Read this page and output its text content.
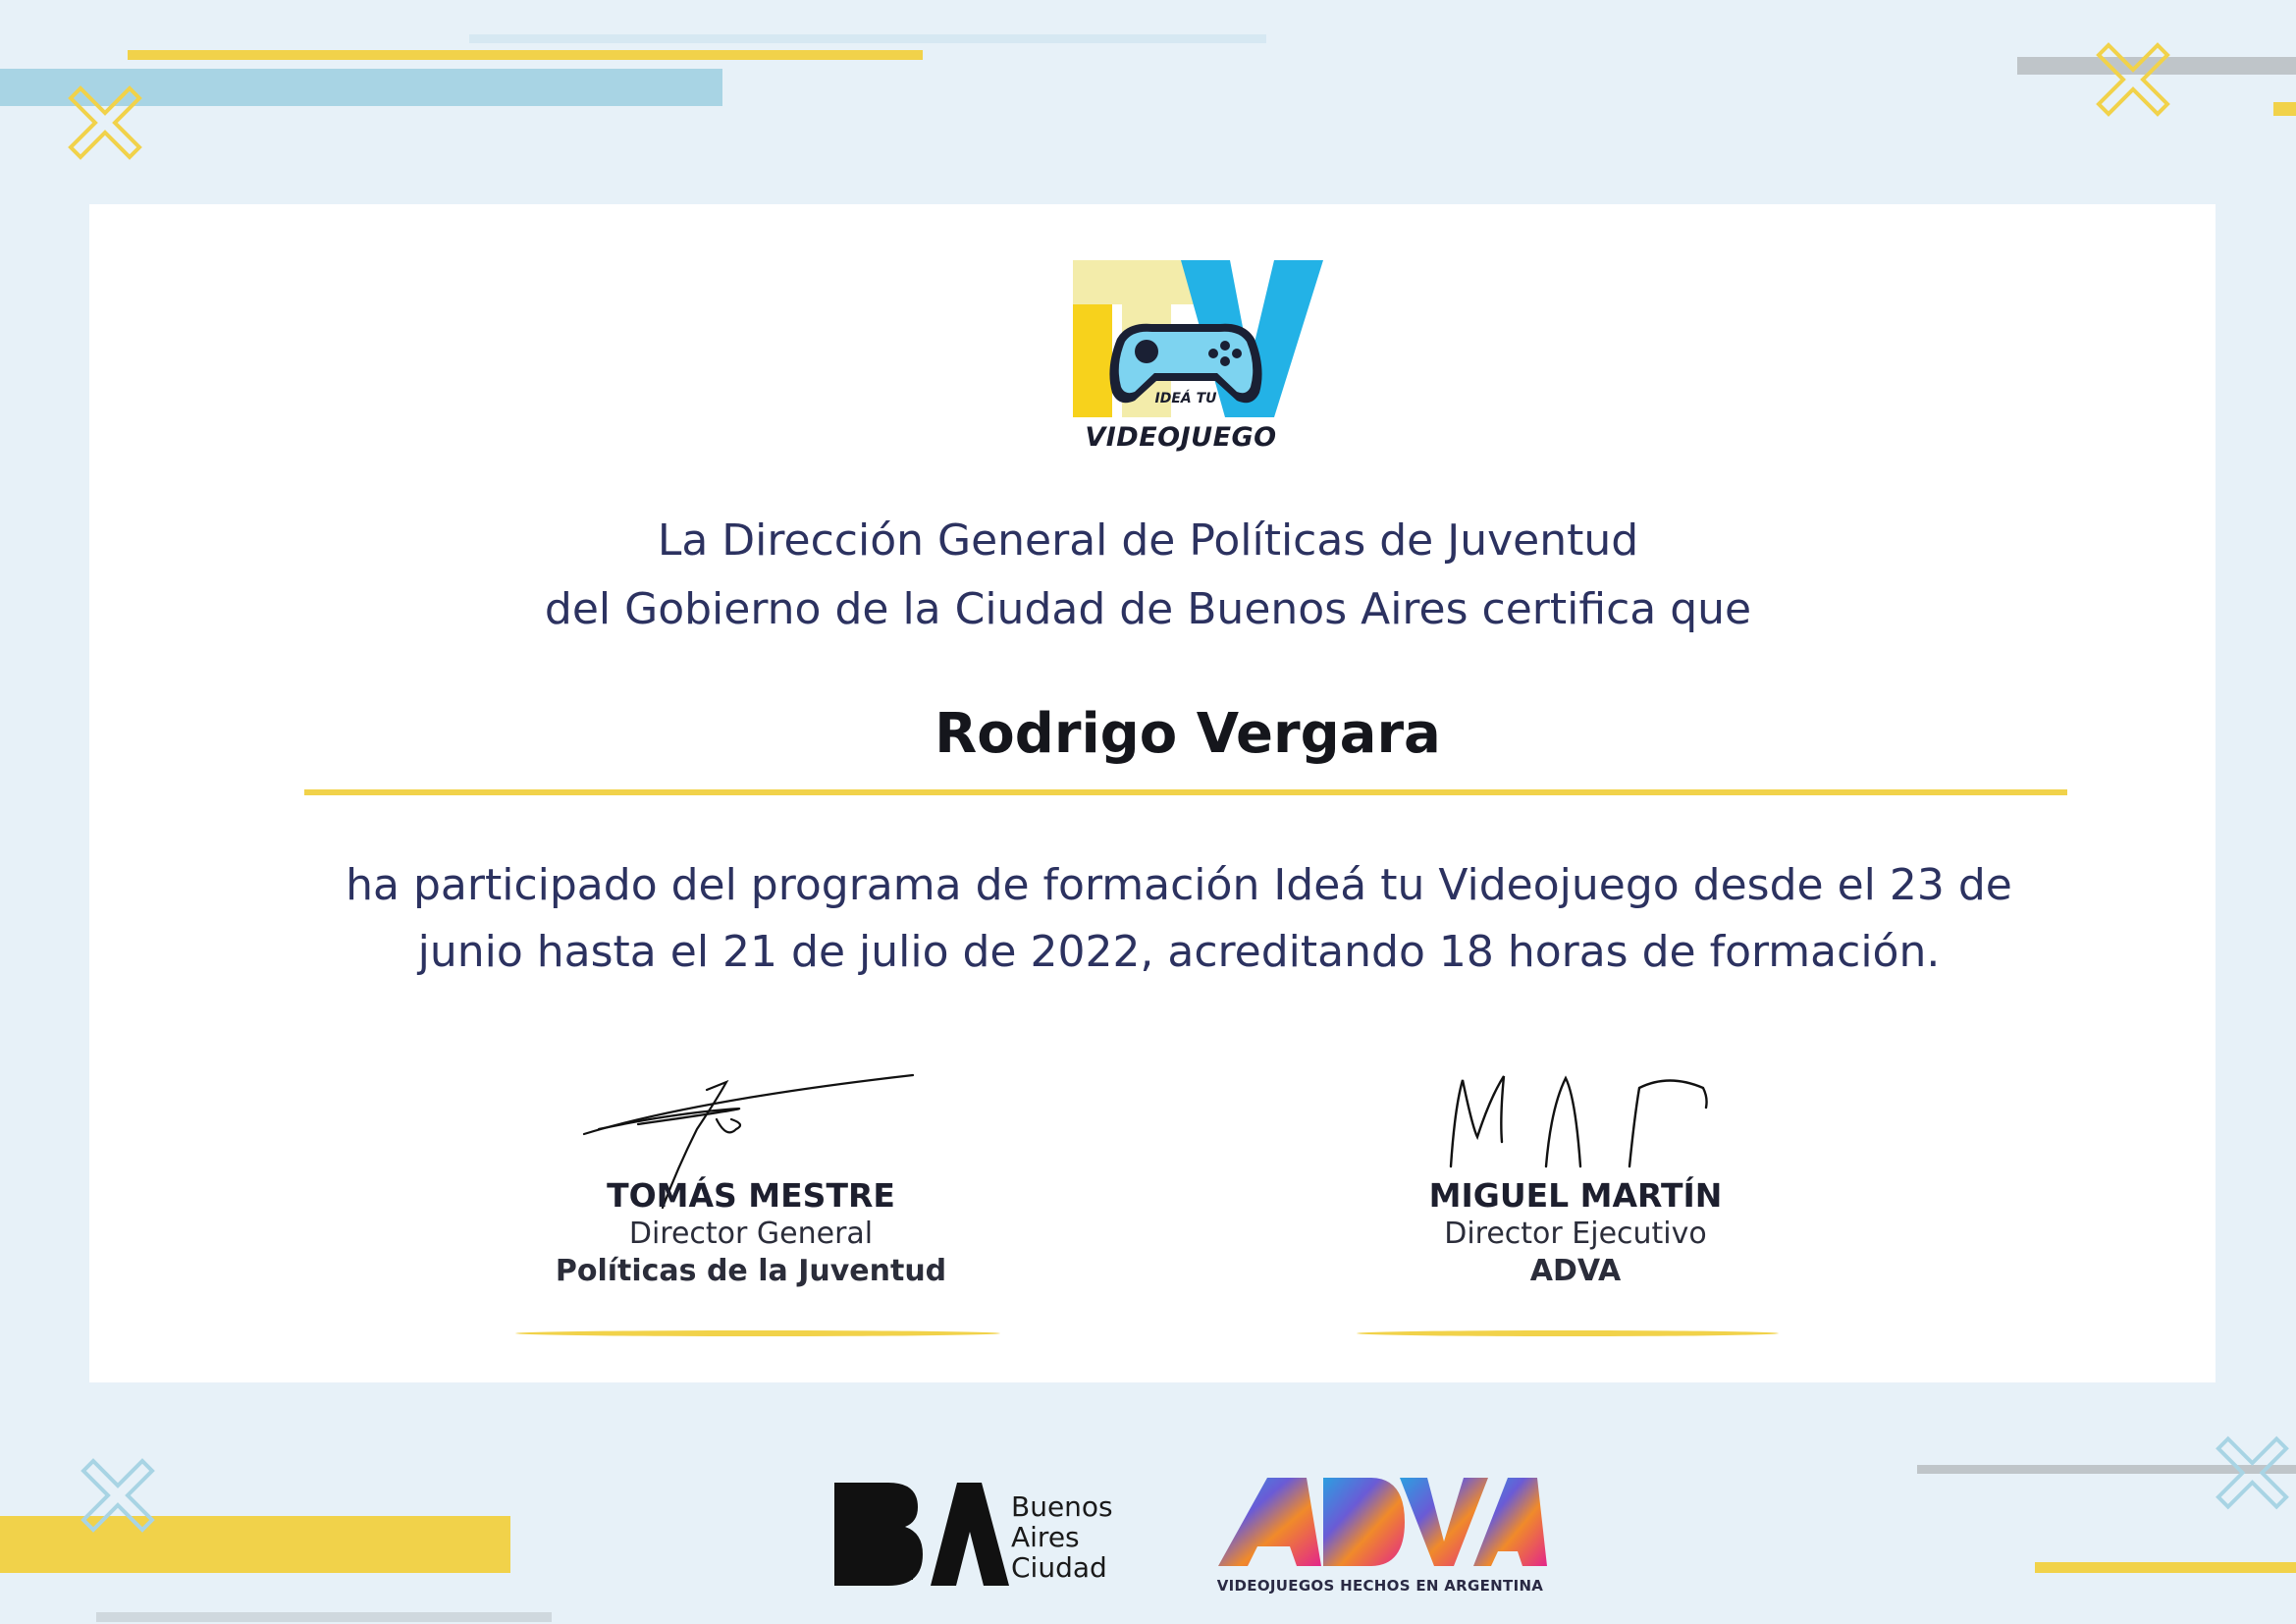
IDEÁ TU
VIDEOJUEGO
La Dirección General de Políticas de Juventud
del Gobierno de la Ciudad de Buenos Aires certifica que
Rodrigo Vergara
ha participado del programa de formación Ideá tu Videojuego desde el 23 de
junio hasta el 21 de julio de 2022, acreditando 18 horas de formación.
TOMÁS MESTRE
Director General
Políticas de la Juventud
MIGUEL MARTÍN
Director Ejecutivo
ADVA
Buenos
Aires
Ciudad
VIDEOJUEGOS HECHOS EN ARGENTINA
